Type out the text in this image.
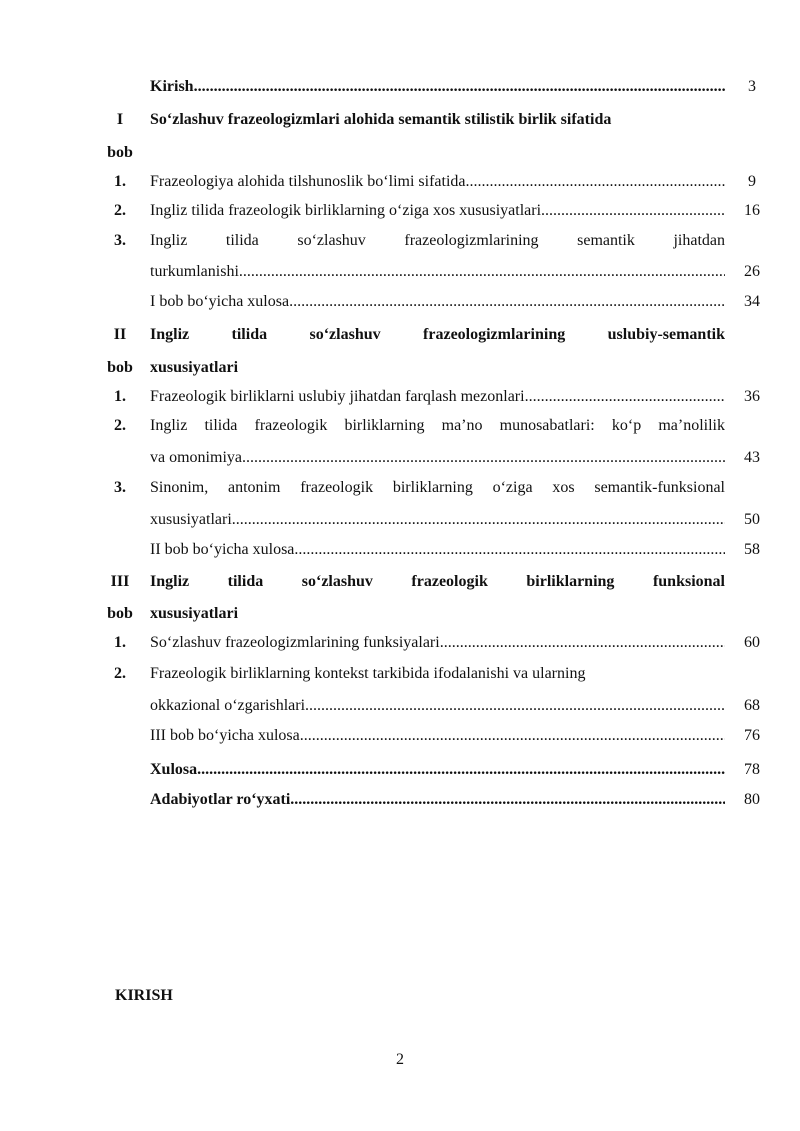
Kirish .....	3
I	So‘zlashuv frazeologizmlari alohida semantik stilistik birlik sifatida
bob
1.	Frazeologiya alohida tilshunoslik bo‘limi sifatida .....	9
2.	Ingliz tilida frazeologik birliklarning o‘ziga xos xususiyatlari .....	16
3.	Ingliz tilida so‘zlashuv frazeologizmlarining semantik jihatdan
turkumlanishi .....	26
I bob bo‘yicha xulosa .....	34
II	Ingliz tilida so‘zlashuv frazeologizmlarining uslubiy-semantik
bob	xususiyatlari
1.	Frazeologik birliklarni uslubiy jihatdan farqlash mezonlari .....	36
2.	Ingliz tilida frazeologik birliklarning ma’no munosabatlari: ko‘p ma’nolilik
va omonimiya .....	43
3.	Sinonim, antonim frazeologik birliklarning o‘ziga xos semantik-funksional
xususiyatlari .....	50
II bob bo‘yicha xulosa .....	58
III	Ingliz tilida so‘zlashuv frazeologik birliklarning funksional
bob	xususiyatlari
1.	So‘zlashuv frazeologizmlarining funksiyalari .....	60
2.	Frazeologik birliklarning kontekst tarkibida ifodalanishi va ularning
okkazional o‘zgarishlari .....	68
III bob bo‘yicha xulosa .....	76
Xulosa .....	78
Adabiyotlar ro‘yxati .....	80
KIRISH
2
